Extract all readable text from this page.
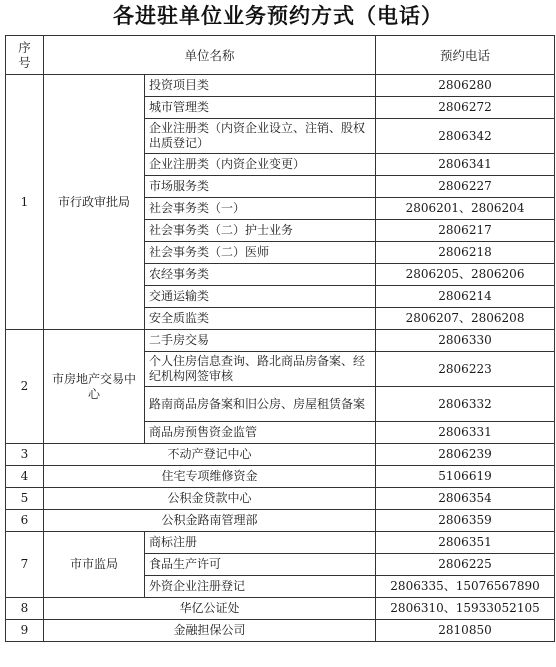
各进驻单位业务预约方式（电话）
序
号	单位名称		预约电话
1	市行政审批局	投资项目类	2806280
		城市管理类	2806272
		企业注册类（内资企业设立、注销、股权出质登记）	2806342
		企业注册类（内资企业变更）	2806341
		市场服务类	2806227
		社会事务类（一）	2806201、2806204
		社会事务类（二）护士业务	2806217
		社会事务类（二）医师	2806218
		农经事务类	2806205、2806206
		交通运输类	2806214
		安全质监类	2806207、2806208
2	市房地产交易中心	二手房交易	2806330
		个人住房信息查询、路北商品房备案、经纪机构网签审核	2806223
		路南商品房备案和旧公房、房屋租赁备案	2806332
		商品房预售资金监管	2806331
3	不动产登记中心		2806239
4	住宅专项维修资金		5106619
5	公积金贷款中心		2806354
6	公积金路南管理部		2806359
7	市市监局	商标注册	2806351
		食品生产许可	2806225
		外资企业注册登记	2806335、15076567890
8	华亿公证处		2806310、15933052105
9	金融担保公司		2810850
